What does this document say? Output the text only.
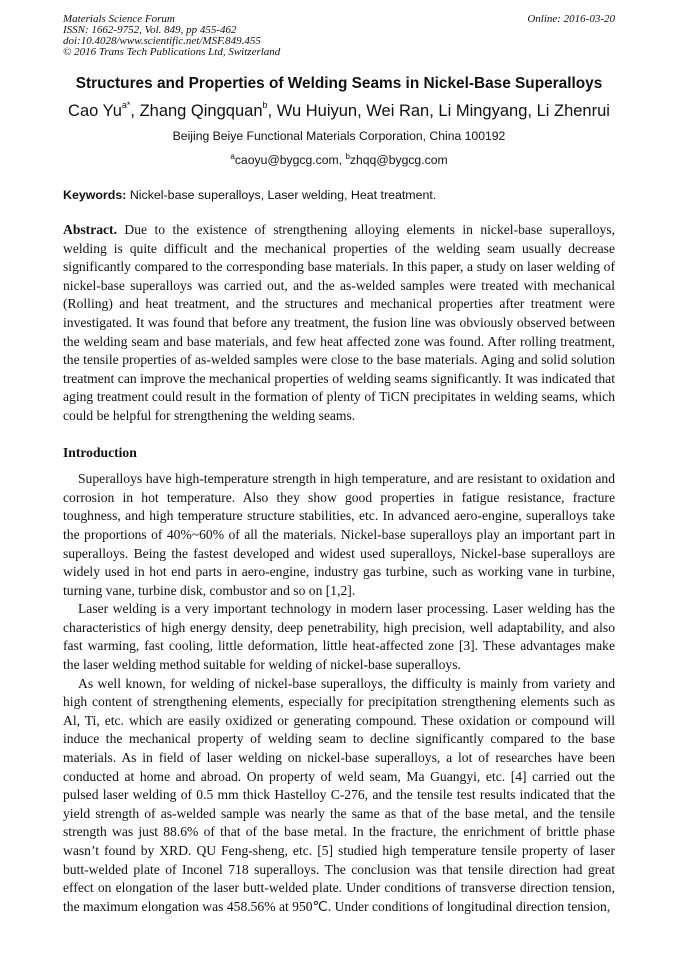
Materials Science Forum
ISSN: 1662-9752, Vol. 849, pp 455-462
doi:10.4028/www.scientific.net/MSF.849.455
© 2016 Trans Tech Publications Ltd, Switzerland
Online: 2016-03-20
Structures and Properties of Welding Seams in Nickel-Base Superalloys
Cao $Yu^{a*}$, Zhang Qingquan$^b$, Wu Huiyun, Wei Ran, Li Mingyang, Li Zhenrui
Beijing Beiye Functional Materials Corporation, China 100192
$^a$caoyu@bygcg.com, $^b$zhqq@bygcg.com
Keywords: Nickel-base superalloys, Laser welding, Heat treatment.
Abstract. Due to the existence of strengthening alloying elements in nickel-base superalloys, welding is quite difficult and the mechanical properties of the welding seam usually decrease significantly compared to the corresponding base materials. In this paper, a study on laser welding of nickel-base superalloys was carried out, and the as-welded samples were treated with mechanical (Rolling) and heat treatment, and the structures and mechanical properties after treatment were investigated. It was found that before any treatment, the fusion line was obviously observed between the welding seam and base materials, and few heat affected zone was found. After rolling treatment, the tensile properties of as-welded samples were close to the base materials. Aging and solid solution treatment can improve the mechanical properties of welding seams significantly. It was indicated that aging treatment could result in the formation of plenty of TiCN precipitates in welding seams, which could be helpful for strengthening the welding seams.
Introduction

Superalloys have high-temperature strength in high temperature, and are resistant to oxidation and corrosion in hot temperature. Also they show good properties in fatigue resistance, fracture toughness, and high temperature structure stabilities, etc. In advanced aero-engine, superalloys take the proportions of 40%~60% of all the materials. Nickel-base superalloys play an important part in superalloys. Being the fastest developed and widest used superalloys, Nickel-base superalloys are widely used in hot end parts in aero-engine, industry gas turbine, such as working vane in turbine, turning vane, turbine disk, combustor and so on [1,2].

Laser welding is a very important technology in modern laser processing. Laser welding has the characteristics of high energy density, deep penetrability, high precision, well adaptability, and also fast warming, fast cooling, little deformation, little heat-affected zone [3]. These advantages make the laser welding method suitable for welding of nickel-base superalloys.

As well known, for welding of nickel-base superalloys, the difficulty is mainly from variety and high content of strengthening elements, especially for precipitation strengthening elements such as Al, Ti, etc. which are easily oxidized or generating compound. These oxidation or compound will induce the mechanical property of welding seam to decline significantly compared to the base materials. As in field of laser welding on nickel-base superalloys, a lot of researches have been conducted at home and abroad. On property of weld seam, Ma Guangyi, etc. [4] carried out the pulsed laser welding of 0.5 mm thick Hastelloy C-276, and the tensile test results indicated that the yield strength of as-welded sample was nearly the same as that of the base metal, and the tensile strength was just 88.6% of that of the base metal. In the fracture, the enrichment of brittle phase wasn’t found by XRD. QU Feng-sheng, etc. [5] studied high temperature tensile property of laser butt-welded plate of Inconel 718 superalloys. The conclusion was that tensile direction had great effect on elongation of the laser butt-welded plate. Under conditions of transverse direction tension, the maximum elongation was 458.56% at 950℃. Under conditions of longitudinal direction tension,
